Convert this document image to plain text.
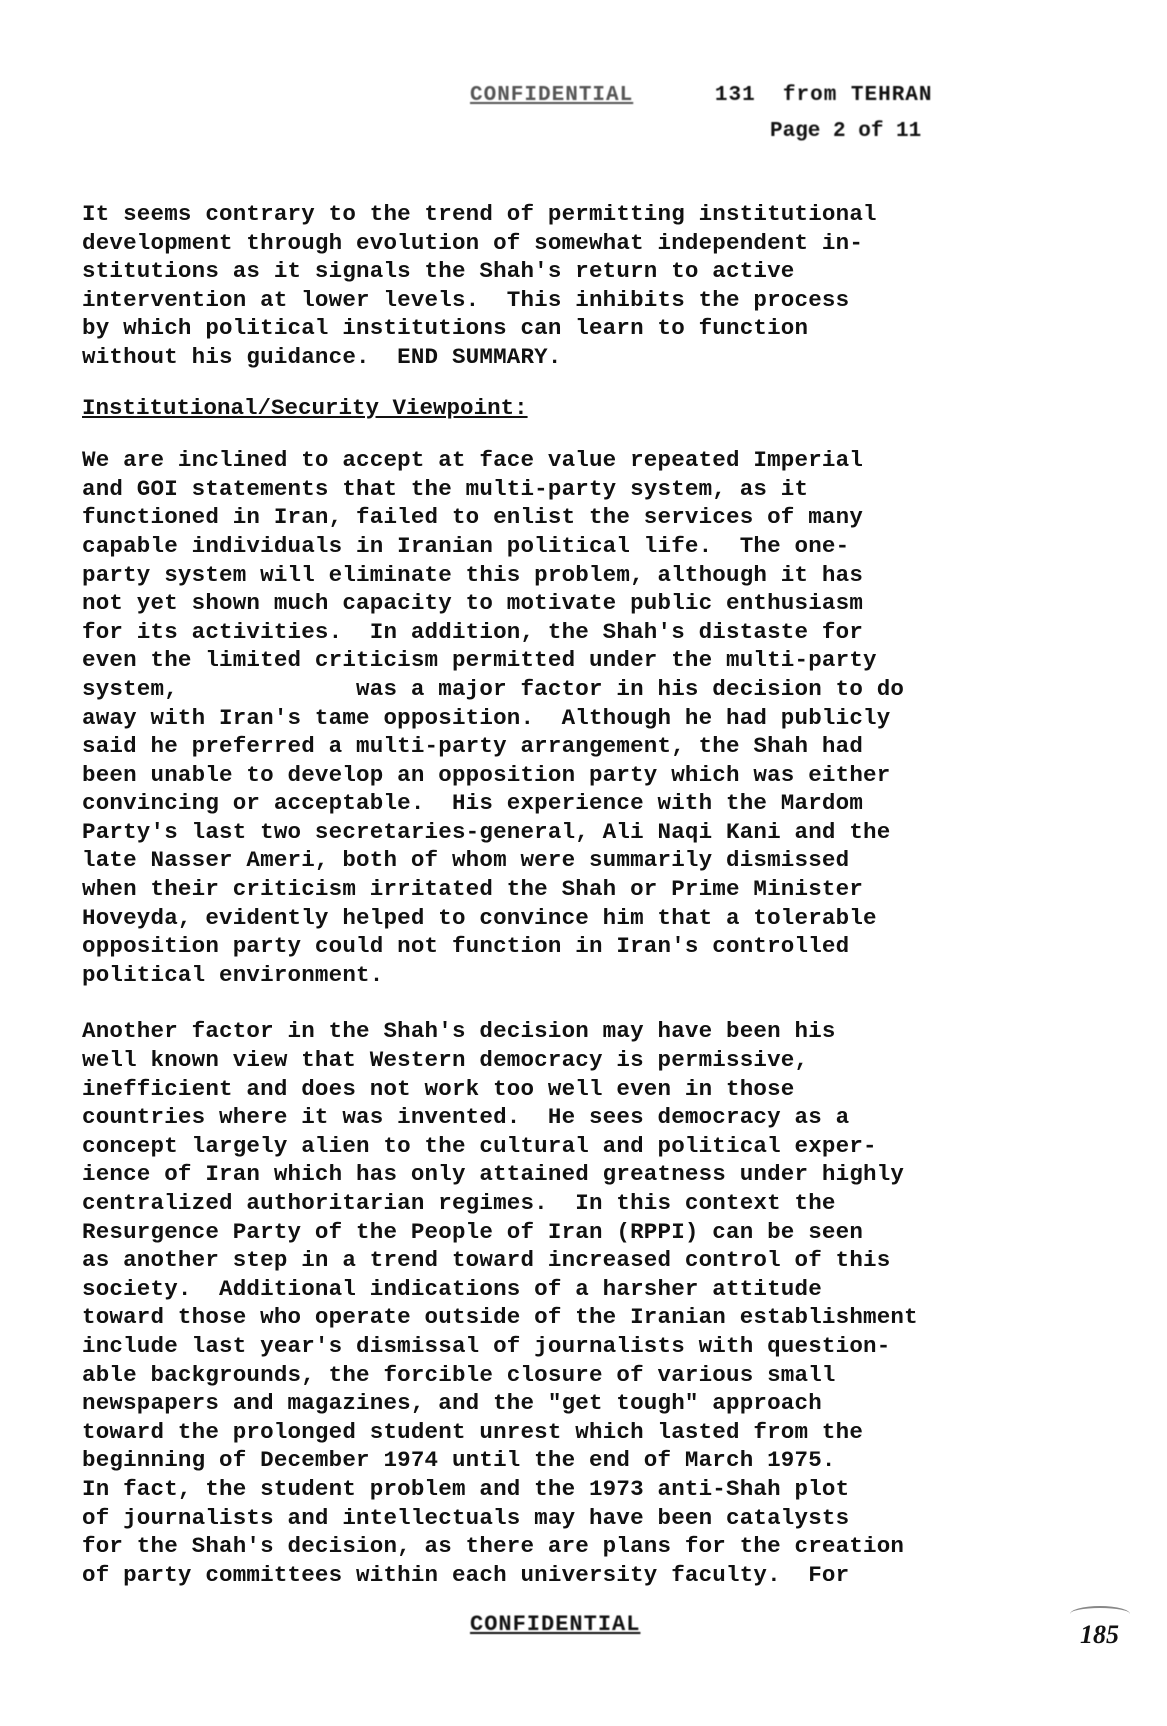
CONFIDENTIAL	131 from TEHRAN
Page 2 of 11

It seems contrary to the trend of permitting institutional
development through evolution of somewhat independent in-
stitutions as it signals the Shah's return to active
intervention at lower levels.  This inhibits the process
by which political institutions can learn to function
without his guidance.  END SUMMARY.

Institutional/Security Viewpoint:

We are inclined to accept at face value repeated Imperial
and GOI statements that the multi-party system, as it
functioned in Iran, failed to enlist the services of many
capable individuals in Iranian political life.  The one-
party system will eliminate this problem, although it has
not yet shown much capacity to motivate public enthusiasm
for its activities.  In addition, the Shah's distaste for
even the limited criticism permitted under the multi-party
system,             was a major factor in his decision to do
away with Iran's tame opposition.  Although he had publicly
said he preferred a multi-party arrangement, the Shah had
been unable to develop an opposition party which was either
convincing or acceptable.  His experience with the Mardom
Party's last two secretaries-general, Ali Naqi Kani and the
late Nasser Ameri, both of whom were summarily dismissed
when their criticism irritated the Shah or Prime Minister
Hoveyda, evidently helped to convince him that a tolerable
opposition party could not function in Iran's controlled
political environment.

Another factor in the Shah's decision may have been his
well known view that Western democracy is permissive,
inefficient and does not work too well even in those
countries where it was invented.  He sees democracy as a
concept largely alien to the cultural and political exper-
ience of Iran which has only attained greatness under highly
centralized authoritarian regimes.  In this context the
Resurgence Party of the People of Iran (RPPI) can be seen
as another step in a trend toward increased control of this
society.  Additional indications of a harsher attitude
toward those who operate outside of the Iranian establishment
include last year's dismissal of journalists with question-
able backgrounds, the forcible closure of various small
newspapers and magazines, and the "get tough" approach
toward the prolonged student unrest which lasted from the
beginning of December 1974 until the end of March 1975.
In fact, the student problem and the 1973 anti-Shah plot
of journalists and intellectuals may have been catalysts
for the Shah's decision, as there are plans for the creation
of party committees within each university faculty.  For

CONFIDENTIAL	185
